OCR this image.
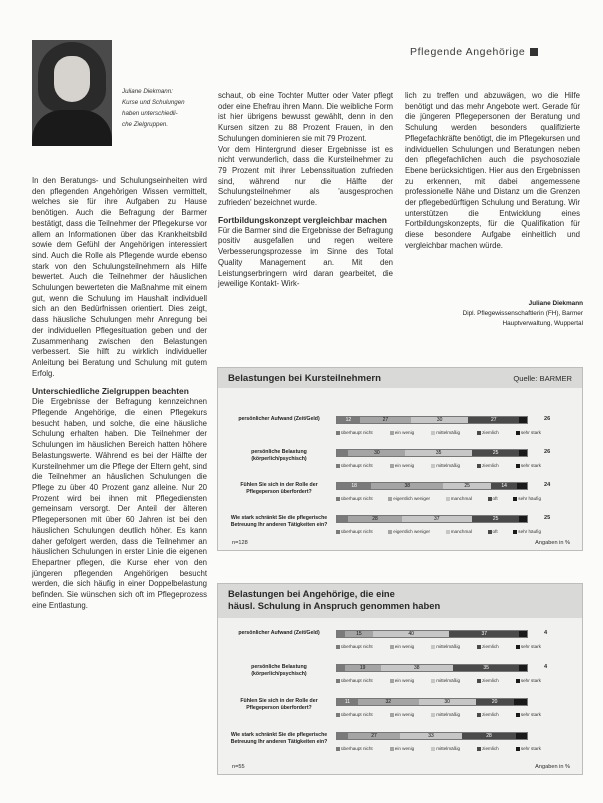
Pflegende Angehörige
Juliane Diekmann:
Kurse und Schulungen
haben unterschiedli-
che Zielgruppen.

In den Beratungs- und Schulungseinheiten wird den pflegenden Angehörigen Wissen vermittelt, welches sie für ihre Aufgaben zu Hause benötigen. Auch die Befragung der Barmer bestätigt, dass die Teilnehmer der Pflegekurse vor allem an Informationen über das Krankheitsbild sowie dem Gefühl der Angehörigen interessiert sind. Auch die Rolle als Pflegende wurde ebenso stark von den Schulungsteilnehmern als Hilfe bewertet. Auch die Teilnehmer der häuslichen Schulungen bewerteten die Maßnahme mit einem gut, wenn die Schulung im Haushalt individuell sich an den Bedürfnissen orientiert. Dies zeigt, dass häusliche Schulungen mehr Anregung bei der individuellen Pflegesituation geben und der Zusammenhang zwischen den Belastungen verbessert. Sie hilft zu wirklich individueller Anleitung bei Beratung und Schulung mit gutem Erfolg.

Unterschiedliche Zielgruppen beachten

Die Ergebnisse der Befragung kennzeichnen Pflegende Angehörige, die einen Pflegekurs besucht haben, und solche, die eine häusliche Schulung erhalten haben. Die Teilnehmer der Schulungen im häuslichen Bereich hatten höhere Belastungswerte. Während es bei der Hälfte der Kursteilnehmer um die Pflege der Eltern geht, sind die Teilnehmer an häuslichen Schulungen die Pflege zu über 40 Prozent ganz alleine. Nur 20 Prozent wird bei ihnen mit Pflegediensten gemeinsam versorgt. Der Anteil der älteren Pflegepersonen mit über 60 Jahren ist bei den häuslichen Schulungen deutlich höher. Es kann daher gefolgert werden, dass die Teilnehmer an häuslichen Schulungen in erster Linie die eigenen Ehepartner pflegen, die Kurse eher von den jüngeren pflegenden Angehörigen besucht werden, die sich häufig in einer Doppelbelastung befinden. Sie wünschen sich oft im Pflegeprozess eine Entlastung.

schaut, ob eine Tochter Mutter oder Vater pflegt oder eine Ehefrau ihren Mann. Die weibliche Form ist hier übrigens bewusst gewählt, denn in den Kursen sitzen zu 88 Prozent Frauen, in den Schulungen dominieren sie mit 79 Prozent.

Vor dem Hintergrund dieser Ergebnisse ist es nicht verwunderlich, dass die Kursteilnehmer zu 79 Prozent mit ihrer Lebenssituation zufrieden sind, während nur die Hälfte der Schulungsteilnehmer als 'ausgesprochen zufrieden' bezeichnet wurde.

Fortbildungskonzept vergleichbar machen

Für die Barmer sind die Ergebnisse der Befragung positiv ausgefallen und regen weitere Verbesserungsprozesse im Sinne des Total Quality Management an. Mit den Leistungserbringern wird daran gearbeitet, die jeweilige Kontakt- Wirk-

lich zu treffen und abzuwägen, wo die Hilfe benötigt und das mehr Angebote wert. Gerade für die jüngeren Pflegepersonen der Beratung und Schulung werden besonders qualifizierte Pflegefachkräfte benötigt, die im Pflegekursen und individuellen Schulungen und Beratungen neben den pflegefachlichen auch die psychosoziale Ebene berücksichtigen. Hier aus den Ergebnissen zu erkennen, mit dabei angemessene professionelle Nähe und Distanz um die Grenzen der pflegebedürftigen Schulung und Beratung. Wir unterstützen die Entwicklung eines Fortbildungskonzepts, für die Qualifikation für diese besondere Aufgabe einheitlich und vergleichbar machen würde.

Juliane Diekmann
Dipl. Pflegewissenschaftlerin (FH), Barmer
Hauptverwaltung, Wuppertal
Belastungen bei Kursteilnehmern	Quelle: BARMER
persönlicher Aufwand (Zeit/Geld)	12	27	30	27	26
überhaupt nicht	ein wenig	mittelmäßig	ziemlich	sehr stark
persönliche Belastung (körperlich/psychisch)
30	35	25	26
überhaupt nicht	ein wenig	mittelmäßig	ziemlich	sehr stark
Fühlen Sie sich in der Rolle der Pflegeperson überfordert?
18	38	25	14	24
überhaupt nicht	eigentlich weniger	manchmal	oft	sehr häufig
Wie stark schränkt Sie die pflegerische Betreuung Ihr anderen Tätigkeiten ein?
28	37	25	25
überhaupt nicht	eigentlich weniger	manchmal	oft	sehr häufig
n=128	Angaben in %
Belastungen bei Angehörige, die eine
häusl. Schulung in Anspruch genommen haben
persönlicher Aufwand (Zeit/Geld)	15	40	37	4
überhaupt nicht	ein wenig	mittelmäßig	ziemlich	sehr stark
persönliche Belastung (körperlich/psychisch)
19	38	35	4
überhaupt nicht	ein wenig	mittelmäßig	ziemlich	sehr stark
Fühlen Sie sich in der Rolle der Pflegeperson überfordert?
11	32	30	20
überhaupt nicht	ein wenig	mittelmäßig	ziemlich	sehr stark
Wie stark schränkt Sie die pflegerische Betreuung Ihr anderen Tätigkeiten ein?
27	33	28
überhaupt nicht	ein wenig	mittelmäßig	ziemlich	sehr stark
n=55	Angaben in %
